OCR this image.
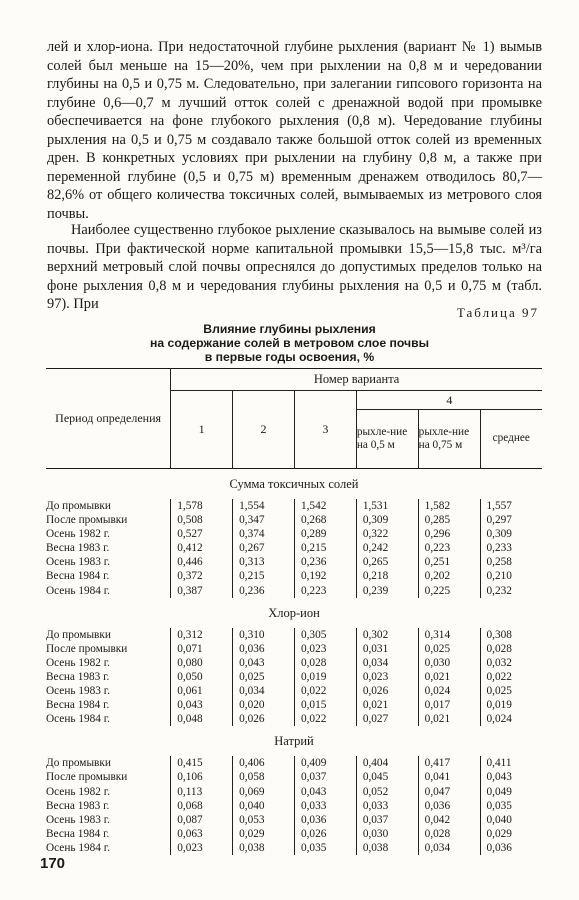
лей и хлор-иона. При недостаточной глубине рыхления (вариант № 1) вымыв солей был меньше на 15—20%, чем при рыхлении на 0,8 м и чередовании глубины на 0,5 и 0,75 м. Следовательно, при залегании гипсового горизонта на глубине 0,6—0,7 м лучший отток солей с дренажной водой при промывке обеспечивается на фоне глубокого рыхления (0,8 м). Чередование глубины рыхления на 0,5 и 0,75 м создавало также большой отток солей из временных дрен. В конкретных условиях при рыхлении на глубину 0,8 м, а также при переменной глубине (0,5 и 0,75 м) временным дренажем отводилось 80,7—82,6% от общего количества токсичных солей, вымываемых из метрового слоя почвы.

Наиболее существенно глубокое рыхление сказывалось на вымыве солей из почвы. При фактической норме капитальной промывки 15,5—15,8 тыс. м³/га верхний метровый слой почвы опреснялся до допустимых пределов только на фоне рыхления 0,8 м и чередования глубины рыхления на 0,5 и 0,75 м (табл. 97). При

Таблица 97
Влияние глубины рыхления
на содержание солей в метровом слое почвы
в первые годы освоения, %
Период определения	Номер варианта					
	1	2	3	4		
				рыхле-ние на 0,5 м	рыхле-ние на 0,75 м	среднее
Сумма токсичных солей						
До промывки	1,578	1,554	1,542	1,531	1,582	1,557
После промывки	0,508	0,347	0,268	0,309	0,285	0,297
Осень 1982 г.	0,527	0,374	0,289	0,322	0,296	0,309
Весна 1983 г.	0,412	0,267	0,215	0,242	0,223	0,233
Осень 1983 г.	0,446	0,313	0,236	0,265	0,251	0,258
Весна 1984 г.	0,372	0,215	0,192	0,218	0,202	0,210
Осень 1984 г.	0,387	0,236	0,223	0,239	0,225	0,232
Хлор-ион						
До промывки	0,312	0,310	0,305	0,302	0,314	0,308
После промывки	0,071	0,036	0,023	0,031	0,025	0,028
Осень 1982 г.	0,080	0,043	0,028	0,034	0,030	0,032
Весна 1983 г.	0,050	0,025	0,019	0,023	0,021	0,022
Осень 1983 г.	0,061	0,034	0,022	0,026	0,024	0,025
Весна 1984 г.	0,043	0,020	0,015	0,021	0,017	0,019
Осень 1984 г.	0,048	0,026	0,022	0,027	0,021	0,024
Натрий						
До промывки	0,415	0,406	0,409	0,404	0,417	0,411
После промывки	0,106	0,058	0,037	0,045	0,041	0,043
Осень 1982 г.	0,113	0,069	0,043	0,052	0,047	0,049
Весна 1983 г.	0,068	0,040	0,033	0,033	0,036	0,035
Осень 1983 г.	0,087	0,053	0,036	0,037	0,042	0,040
Весна 1984 г.	0,063	0,029	0,026	0,030	0,028	0,029
Осень 1984 г.	0,023	0,038	0,035	0,038	0,034	0,036
170
